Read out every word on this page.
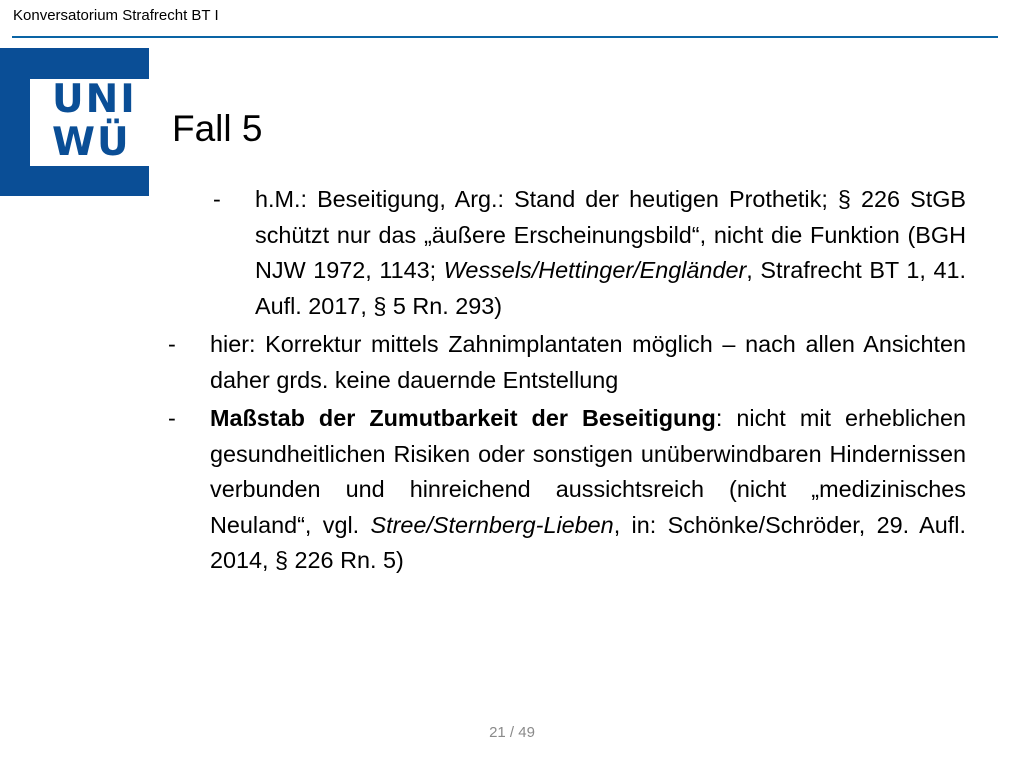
Konversatorium Strafrecht BT I
UNI
WÜ	Fall 5
-	h.M.: Beseitigung, Arg.: Stand der heutigen Prothetik; § 226 StGB schützt nur das „äußere Erscheinungsbild“, nicht die Funktion (BGH NJW 1972, 1143; Wessels/Hettinger/Engländer, Strafrecht BT 1, 41. Aufl. 2017, § 5 Rn. 293)
-	hier: Korrektur mittels Zahnimplantaten möglich – nach allen Ansichten daher grds. keine dauernde Entstellung
-	Maßstab der Zumutbarkeit der Beseitigung: nicht mit erheblichen gesundheitlichen Risiken oder sonstigen unüberwindbaren Hindernissen verbunden und hinreichend aussichtsreich (nicht „medizinisches Neuland“, vgl. Stree/Sternberg-Lieben, in: Schönke/Schröder, 29. Aufl. 2014, § 226 Rn. 5)
21 / 49
